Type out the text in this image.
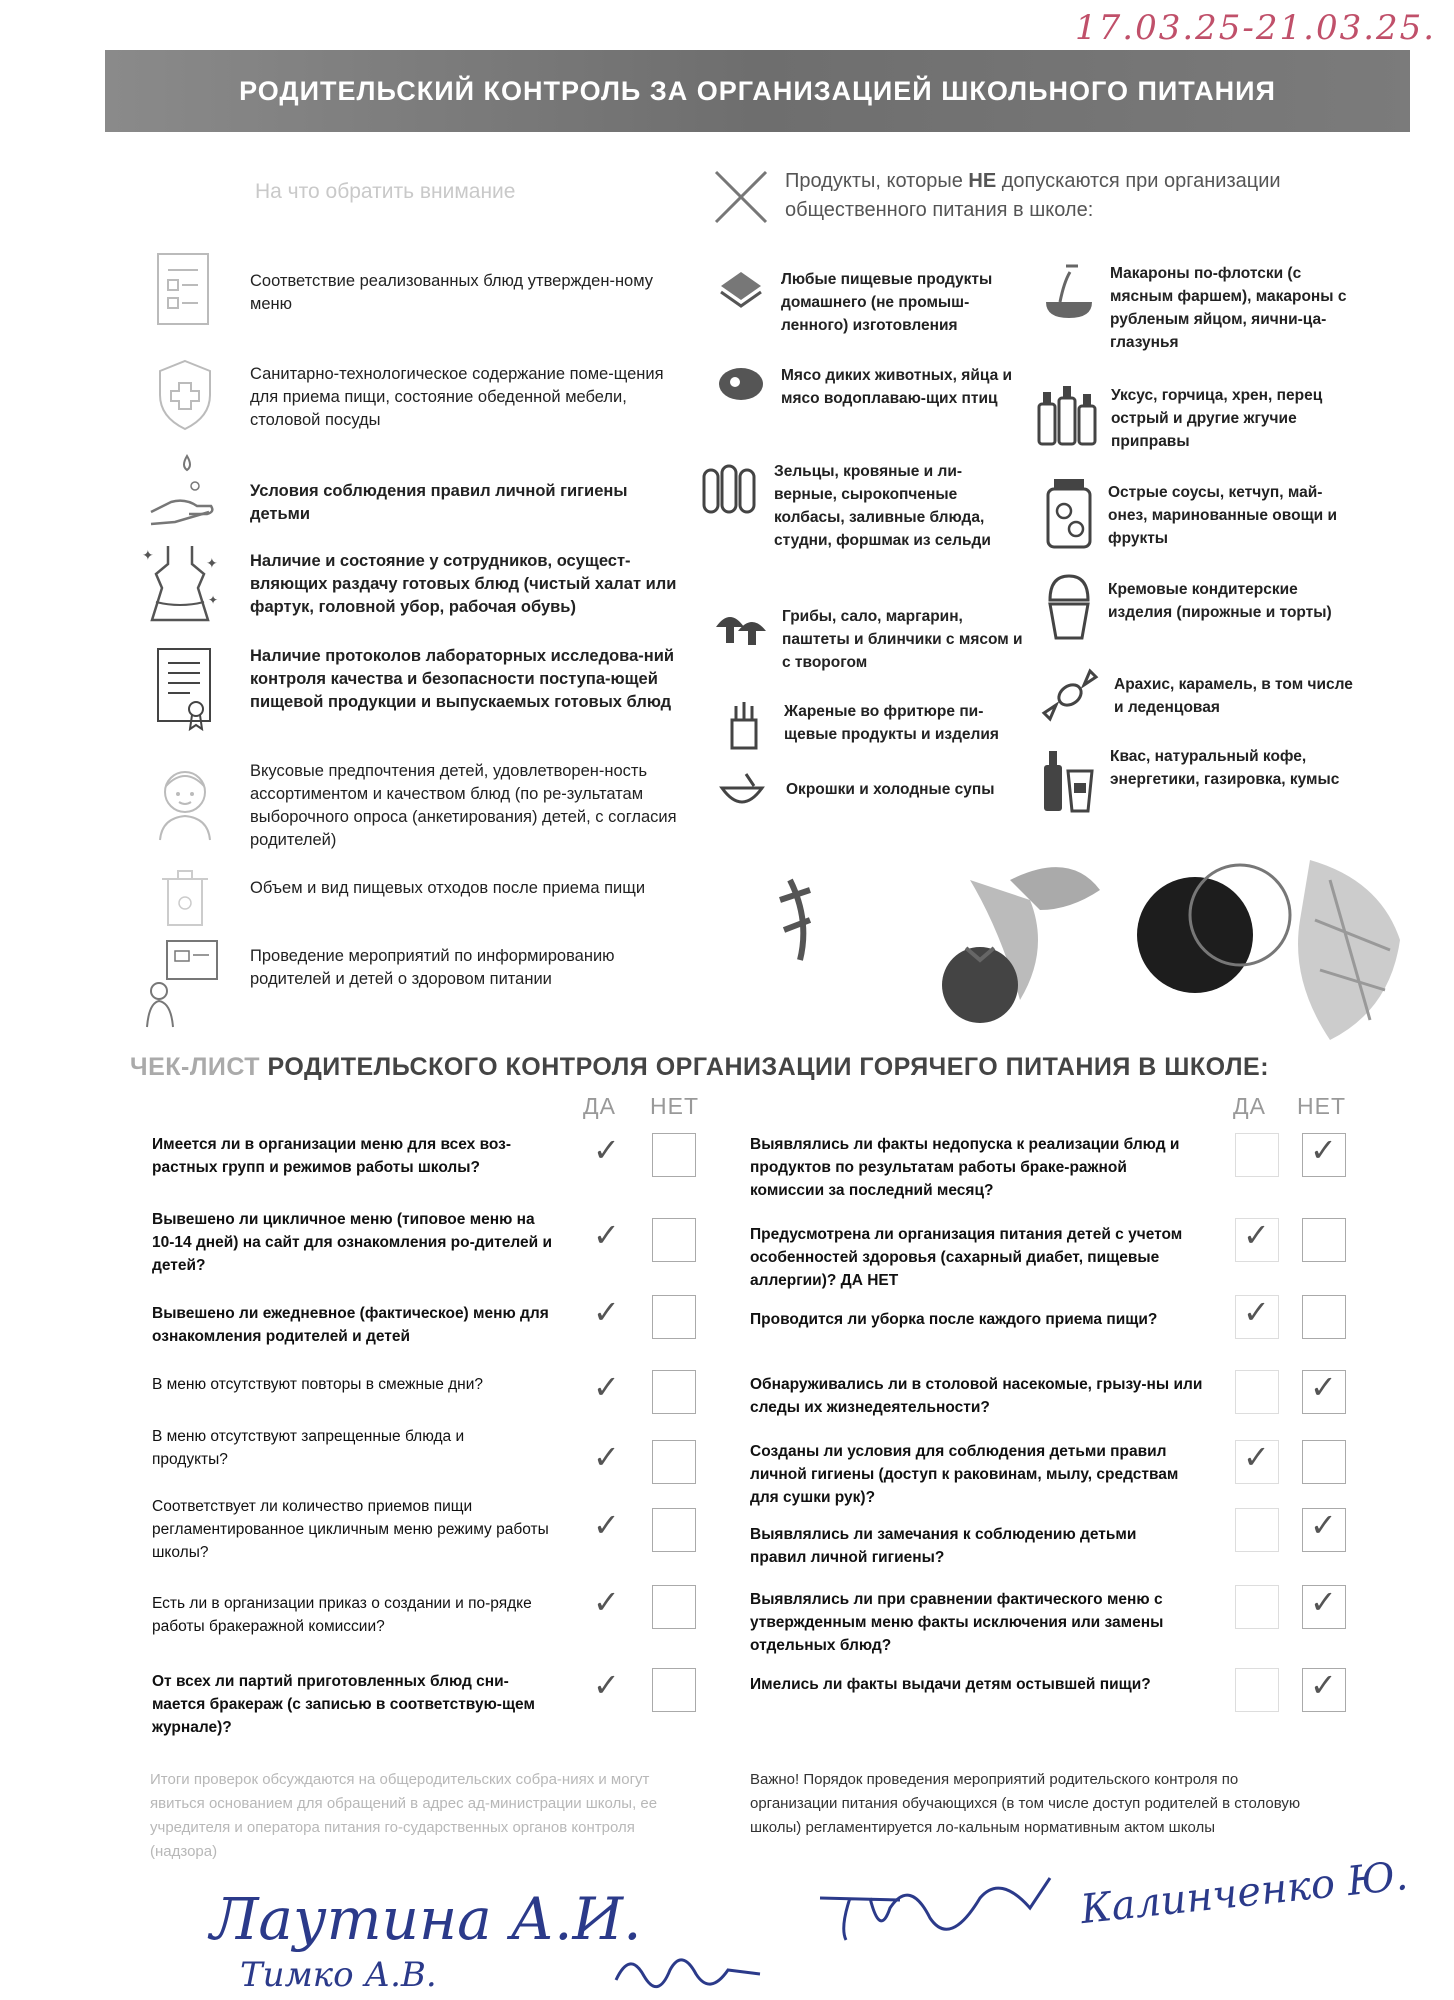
17.03.25-21.03.25.
РОДИТЕЛЬСКИЙ КОНТРОЛЬ ЗА ОРГАНИЗАЦИЕЙ ШКОЛЬНОГО ПИТАНИЯ
На что обратить внимание
Соответствие реализованных блюд утвержден-ному меню
Санитарно-технологическое содержание поме-щения для приема пищи, состояние обеденной мебели, столовой посуды
Условия соблюдения правил личной гигиены детьми
✦	✦
✦
Наличие и состояние у сотрудников, осущест-вляющих раздачу готовых блюд (чистый халат или фартук, головной убор, рабочая обувь)
Наличие протоколов лабораторных исследова-ний контроля качества и безопасности поступа-ющей пищевой продукции и выпускаемых готовых блюд
Вкусовые предпочтения детей, удовлетворен-ность ассортиментом и качеством блюд (по ре-зультатам выборочного опроса (анкетирования) детей, с согласия родителей)
Объем и вид пищевых отходов после приема пищи
Проведение мероприятий по информированию родителей и детей о здоровом питании
Продукты, которые НЕ допускаются при организации общественного питания в школе:
Любые пищевые продукты домашнего (не промыш-ленного) изготовления
Мясо диких животных, яйца и мясо водоплаваю-щих птиц
Зельцы, кровяные и ли-верные, сырокопченые колбасы, заливные блюда, студни, форшмак из сельди
Грибы, сало, маргарин, паштеты и блинчики с мясом и с творогом
Жареные во фритюре пи-щевые продукты и изделия
Окрошки и холодные супы
Макароны по-флотски (с мясным фаршем), макароны с рубленым яйцом, яични-ца-глазунья
Уксус, горчица, хрен, перец острый и другие жгучие приправы
Острые соусы, кетчуп, май-онез, маринованные овощи и фрукты
Кремовые кондитерские изделия (пирожные и торты)
Арахис, карамель, в том числе и леденцовая
Квас, натуральный кофе, энергетики, газировка, кумыс
ЧЕК-ЛИСТ РОДИТЕЛЬСКОГО КОНТРОЛЯ ОРГАНИЗАЦИИ ГОРЯЧЕГО ПИТАНИЯ В ШКОЛЕ:
ДА НЕТ	ДА НЕТ
Имеется ли в организации меню для всех воз-растных групп и режимов работы школы?
Вывешено ли цикличное меню (типовое меню на 10-14 дней) на сайт для ознакомления ро-дителей и детей?
Вывешено ли ежедневное (фактическое) меню для ознакомления родителей и детей
В меню отсутствуют повторы в смежные дни?
В меню отсутствуют запрещенные блюда и продукты?
Соответствует ли количество приемов пищи регламентированное цикличным меню режиму работы школы?
Есть ли в организации приказ о создании и по-рядке работы бракеражной комиссии?
От всех ли партий приготовленных блюд сни-мается бракераж (с записью в соответствую-щем журнале)?
Выявлялись ли факты недопуска к реализации блюд и продуктов по результатам работы браке-ражной комиссии за последний месяц?
Предусмотрена ли организация питания детей с учетом особенностей здоровья (сахарный диабет, пищевые аллергии)? ДА НЕТ
Проводится ли уборка после каждого приема пищи?
Обнаруживались ли в столовой насекомые, грызу-ны или следы их жизнедеятельности?
Созданы ли условия для соблюдения детьми правил личной гигиены (доступ к раковинам, мылу, средствам для сушки рук)?
Выявлялись ли замечания к соблюдению детьми правил личной гигиены?
Выявлялись ли при сравнении фактического меню с утвержденным меню факты исключения или замены отдельных блюд?
Имелись ли факты выдачи детям остывшей пищи?
✓
✓
✓
✓
✓
✓
✓
✓
✓
✓
✓
✓
✓
✓
✓
✓
Итоги проверок обсуждаются на общеродительских собра-ниях и могут явиться основанием для обращений в адрес ад-министрации школы, ее учредителя и оператора питания го-сударственных органов контроля (надзора)
Важно! Порядок проведения мероприятий родительского контроля по организации питания обучающихся (в том числе доступ родителей в столовую школы) регламентируется ло-кальным нормативным актом школы
Лаутина А.И.
Тимко А.В.
Калинченко Ю.
